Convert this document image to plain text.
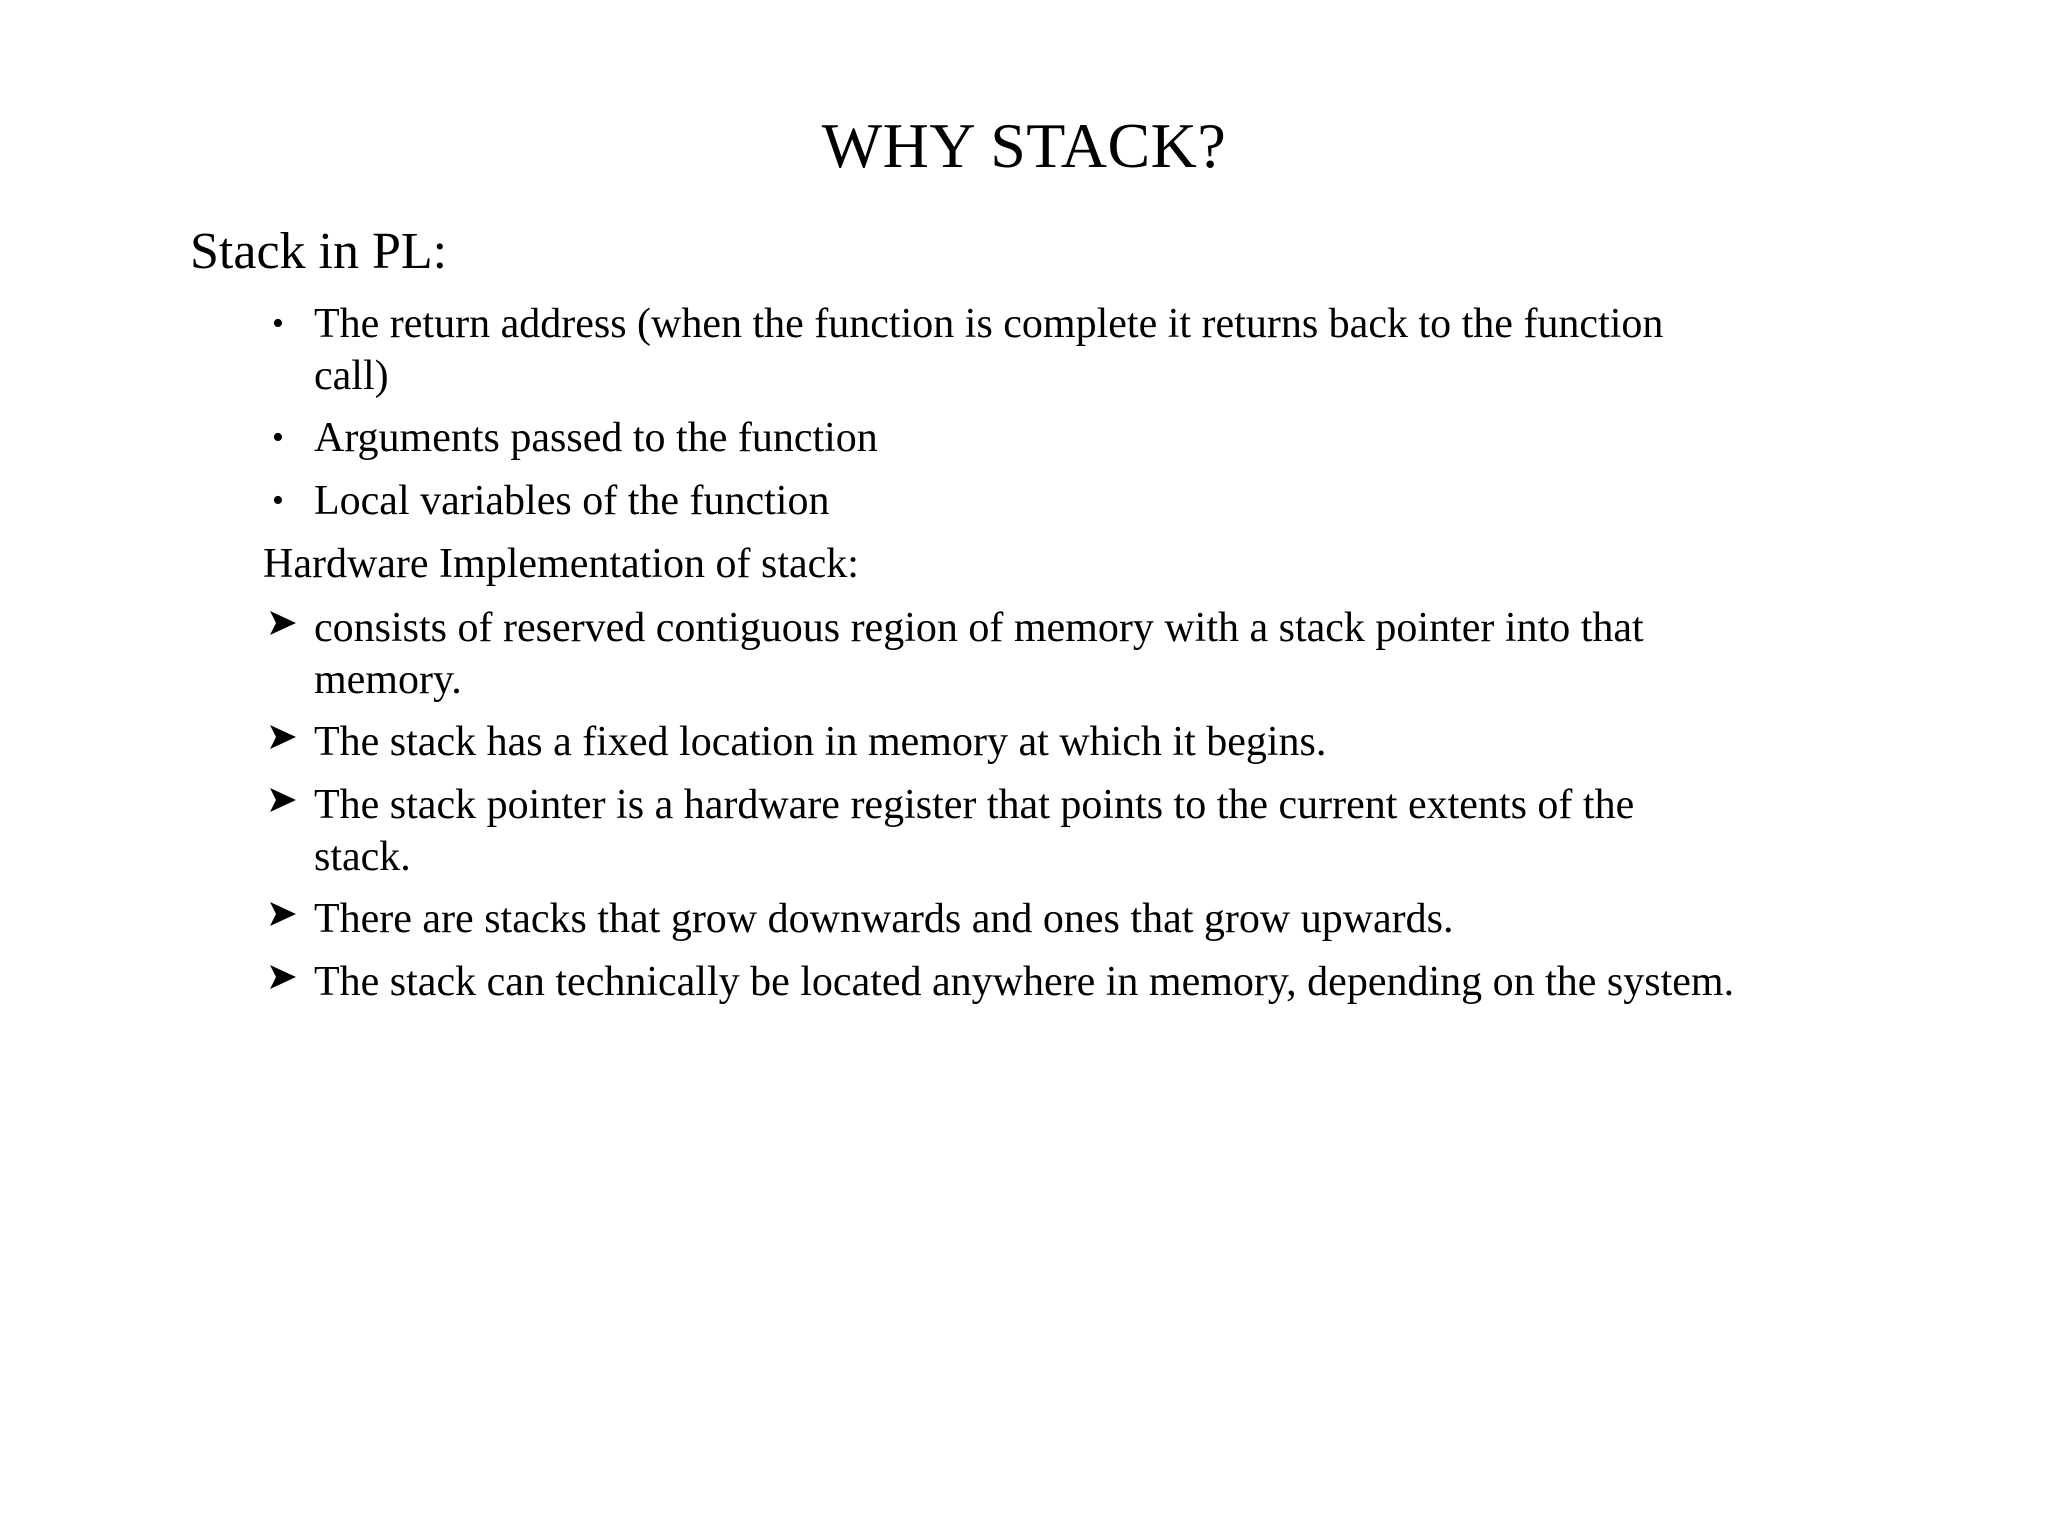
WHY STACK?
Stack in PL:
• The return address (when the function is complete it returns back to the function
call)
• Arguments passed to the function
• Local variables of the function
Hardware Implementation of stack:
consists of reserved contiguous region of memory with a stack pointer into that
memory.
The stack has a fixed location in memory at which it begins.
The stack pointer is a hardware register that points to the current extents of the
stack.
There are stacks that grow downwards and ones that grow upwards.
The stack can technically be located anywhere in memory, depending on the system.
